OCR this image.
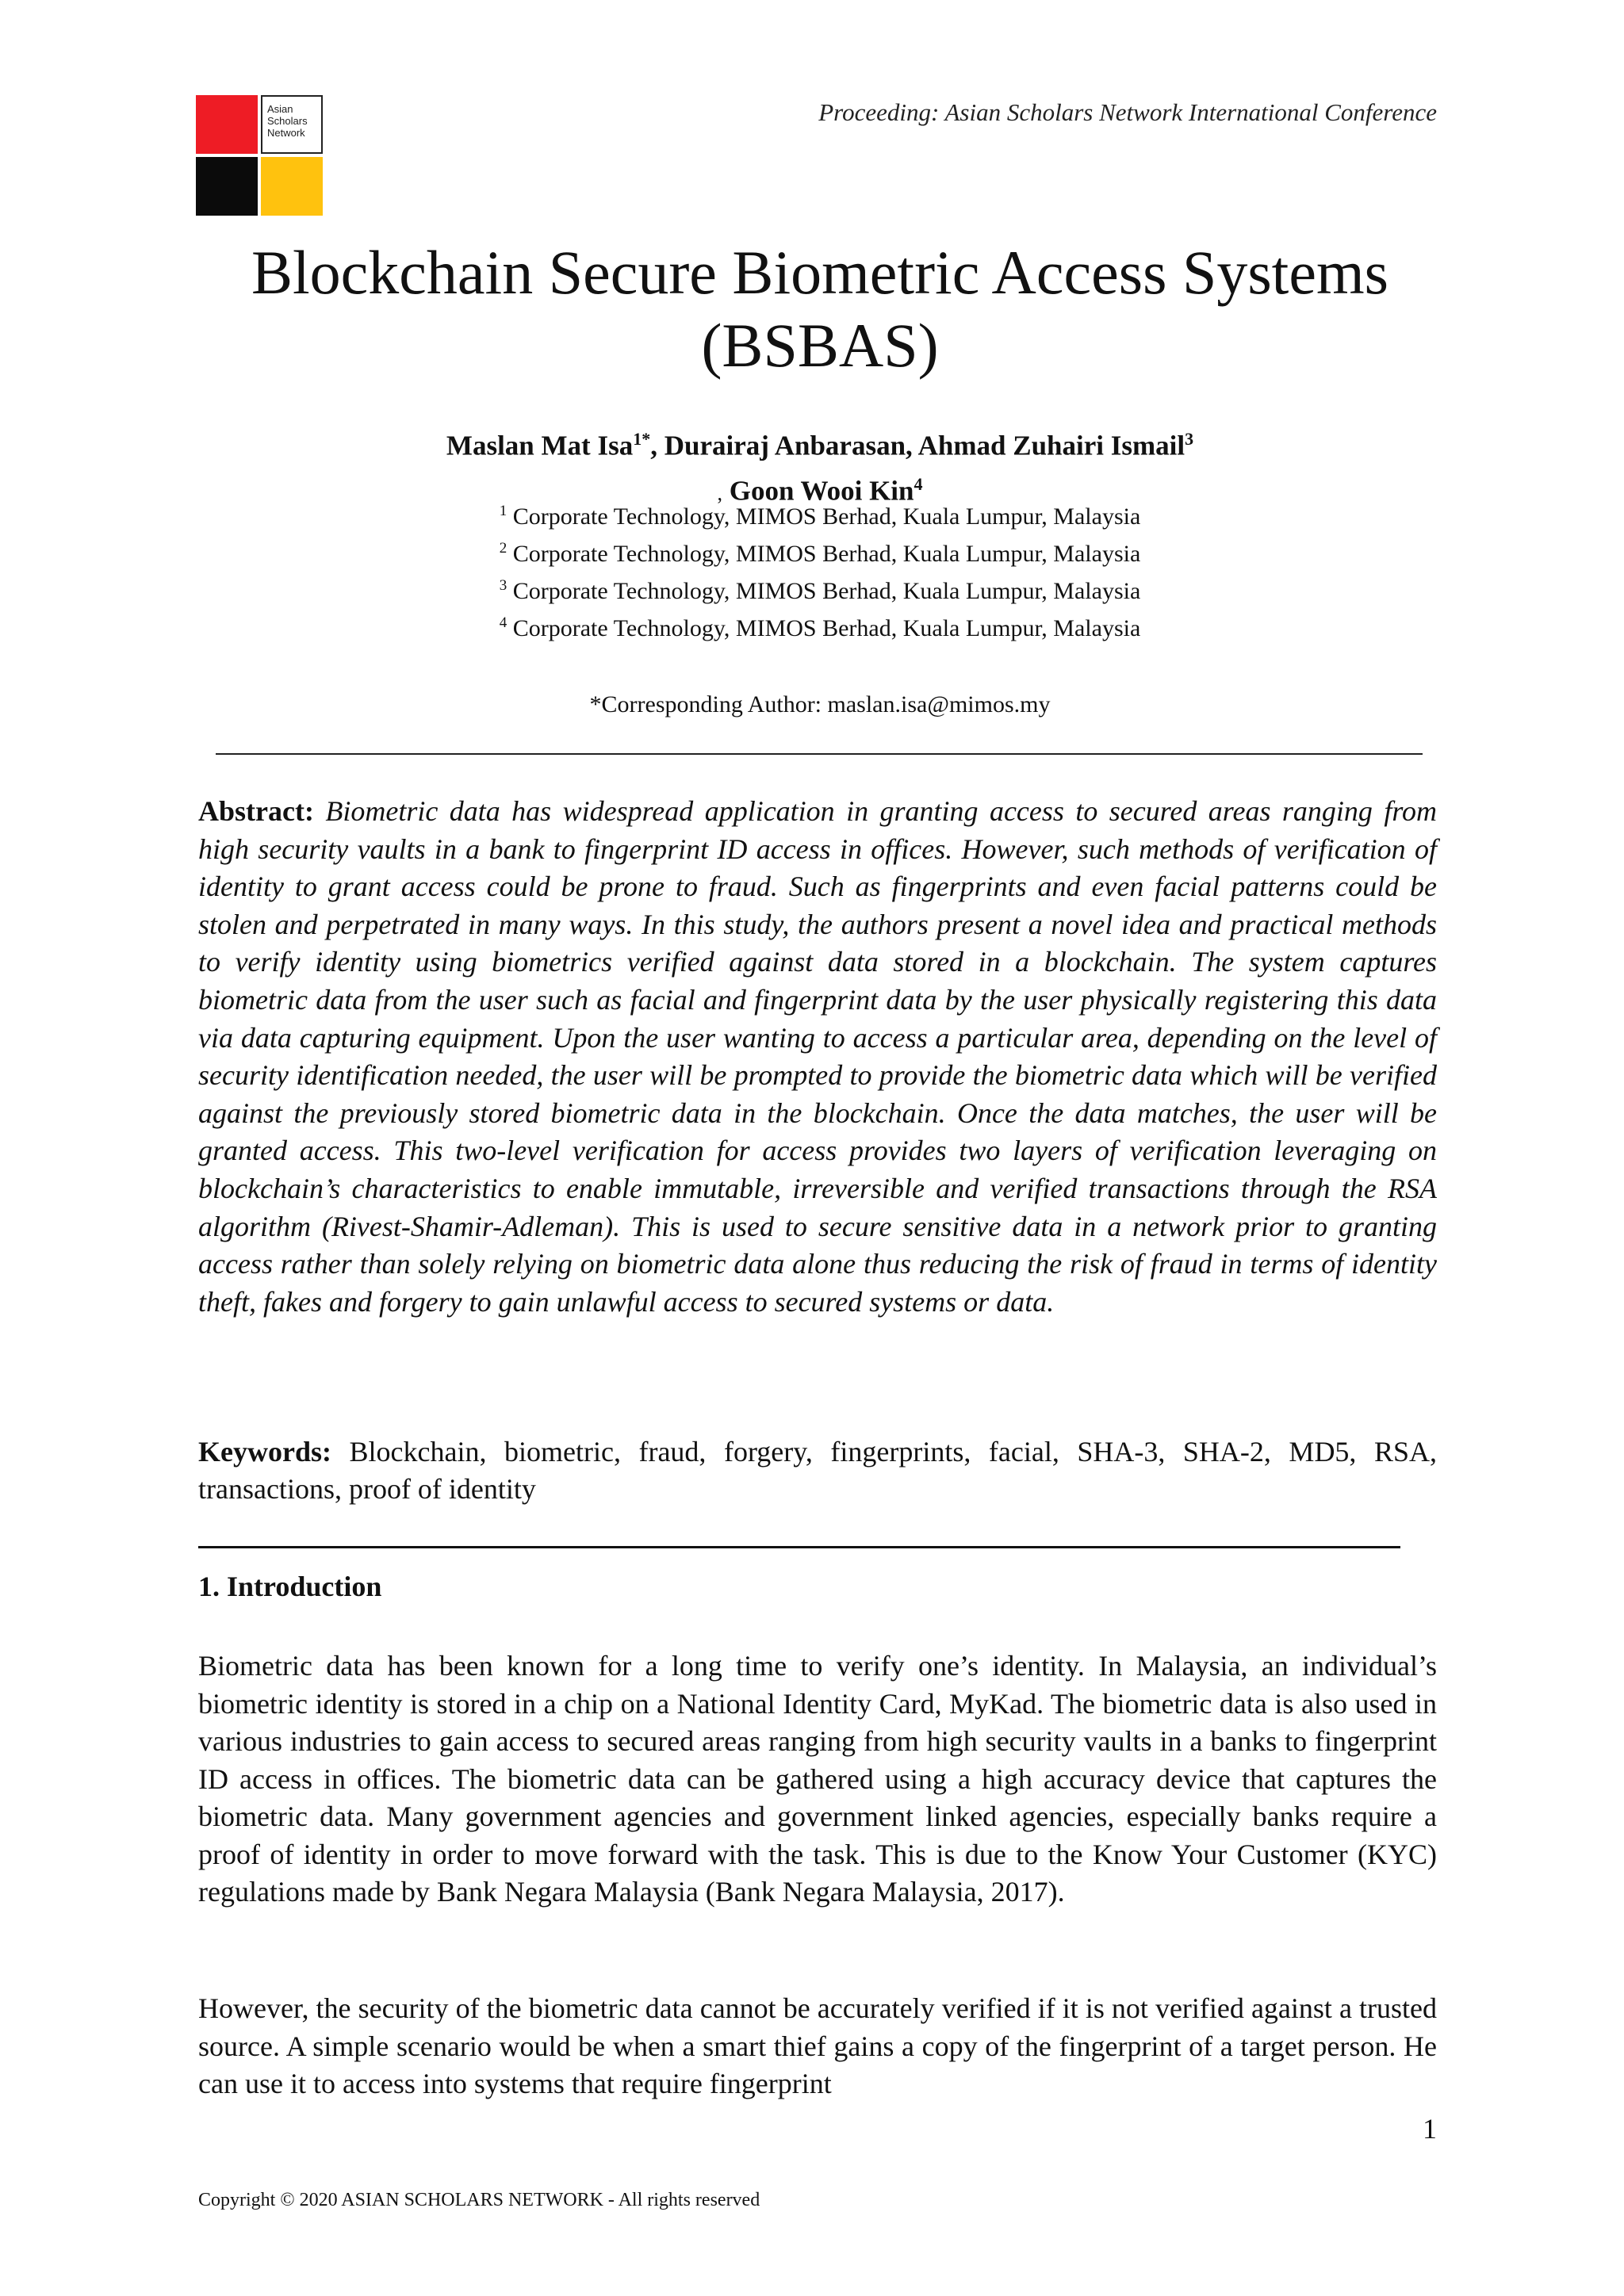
Asian
Scholars
Network
Proceeding: Asian Scholars Network International Conference
Blockchain Secure Biometric Access Systems
(BSBAS)
Maslan Mat Isa$^{1*}$, Durairaj Anbarasan, Ahmad Zuhairi Ismail$^3$
, Goon Wooi Kin$^4$
$^1$ Corporate Technology, MIMOS Berhad, Kuala Lumpur, Malaysia
$^2$ Corporate Technology, MIMOS Berhad, Kuala Lumpur, Malaysia
$^3$ Corporate Technology, MIMOS Berhad, Kuala Lumpur, Malaysia
$^4$ Corporate Technology, MIMOS Berhad, Kuala Lumpur, Malaysia
*Corresponding Author: maslan.isa@mimos.my
Abstract: Biometric data has widespread application in granting access to secured areas ranging from high security vaults in a bank to fingerprint ID access in offices. However, such methods of verification of identity to grant access could be prone to fraud. Such as fingerprints and even facial patterns could be stolen and perpetrated in many ways. In this study, the authors present a novel idea and practical methods to verify identity using biometrics verified against data stored in a blockchain. The system captures biometric data from the user such as facial and fingerprint data by the user physically registering this data via data capturing equipment. Upon the user wanting to access a particular area, depending on the level of security identification needed, the user will be prompted to provide the biometric data which will be verified against the previously stored biometric data in the blockchain. Once the data matches, the user will be granted access. This two-level verification for access provides two layers of verification leveraging on blockchain’s characteristics to enable immutable, irreversible and verified transactions through the RSA algorithm (Rivest-Shamir-Adleman). This is used to secure sensitive data in a network prior to granting access rather than solely relying on biometric data alone thus reducing the risk of fraud in terms of identity theft, fakes and forgery to gain unlawful access to secured systems or data.
Keywords: Blockchain, biometric, fraud, forgery, fingerprints, facial, SHA-3, SHA-2, MD5, RSA, transactions, proof of identity
1. Introduction

Biometric data has been known for a long time to verify one’s identity. In Malaysia, an individual’s biometric identity is stored in a chip on a National Identity Card, MyKad. The biometric data is also used in various industries to gain access to secured areas ranging from high security vaults in a banks to fingerprint ID access in offices. The biometric data can be gathered using a high accuracy device that captures the biometric data. Many government agencies and government linked agencies, especially banks require a proof of identity in order to move forward with the task. This is due to the Know Your Customer (KYC) regulations made by Bank Negara Malaysia (Bank Negara Malaysia, 2017).

However, the security of the biometric data cannot be accurately verified if it is not verified against a trusted source. A simple scenario would be when a smart thief gains a copy of the fingerprint of a target person. He can use it to access into systems that require fingerprint

1
Copyright © 2020 ASIAN SCHOLARS NETWORK - All rights reserved
